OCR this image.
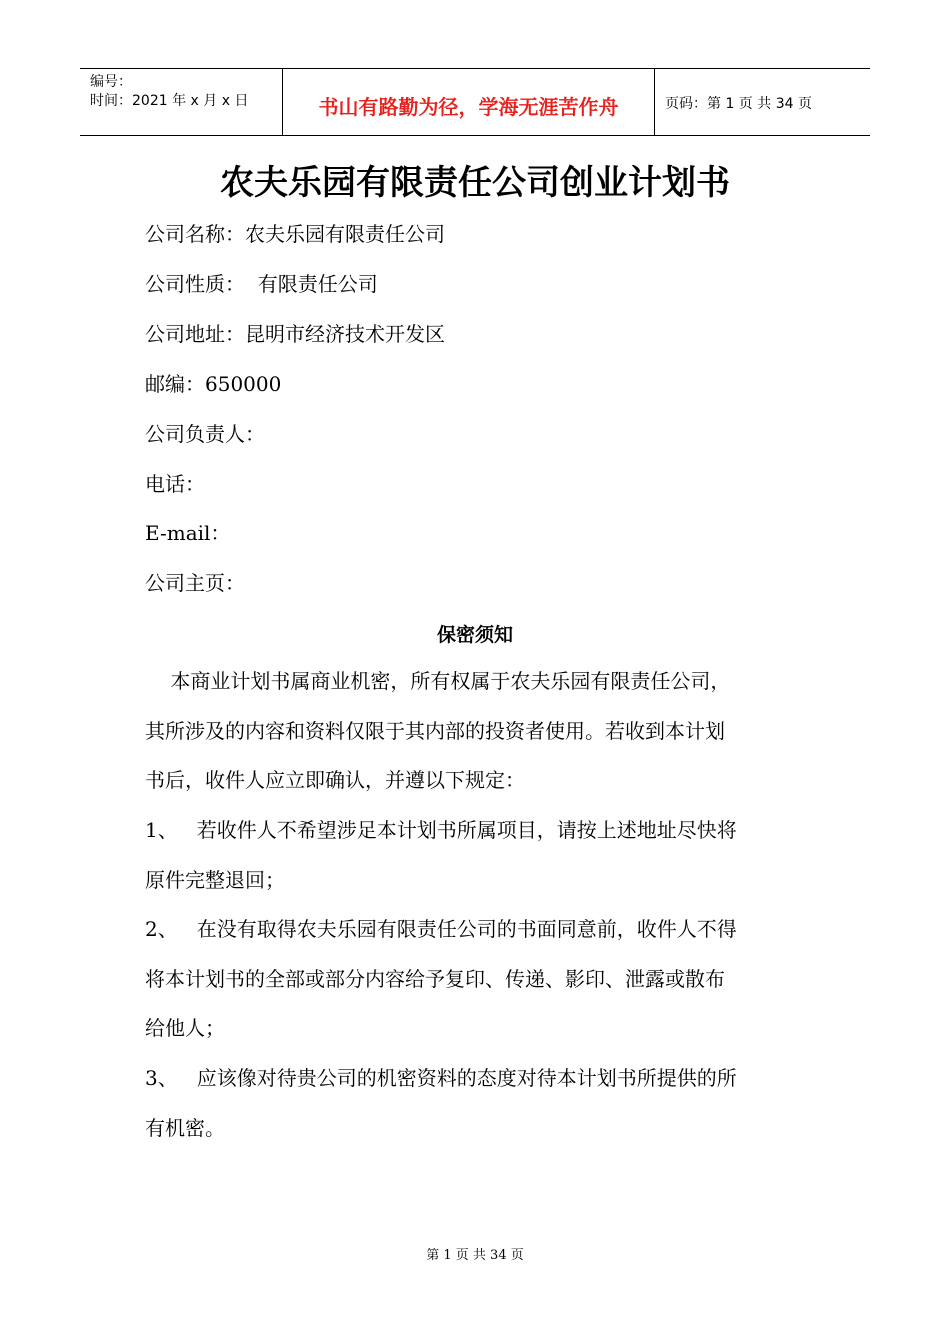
编号：
时间：2021 年 x 月 x 日	书山有路勤为径，学海无涯苦作舟	页码：第 1 页 共 34 页
农夫乐园有限责任公司创业计划书
公司名称：农夫乐园有限责任公司
公司性质：  有限责任公司
公司地址：昆明市经济技术开发区
邮编：650000
公司负责人：
电话：
E-mail：
公司主页：
保密须知
本商业计划书属商业机密，所有权属于农夫乐园有限责任公司，
其所涉及的内容和资料仅限于其内部的投资者使用。若收到本计划
书后，收件人应立即确认，并遵以下规定：
1、   若收件人不希望涉足本计划书所属项目，请按上述地址尽快将
原件完整退回；
2、   在没有取得农夫乐园有限责任公司的书面同意前，收件人不得
将本计划书的全部或部分内容给予复印、传递、影印、泄露或散布
给他人；
3、   应该像对待贵公司的机密资料的态度对待本计划书所提供的所
有机密。
第 1 页 共 34 页
